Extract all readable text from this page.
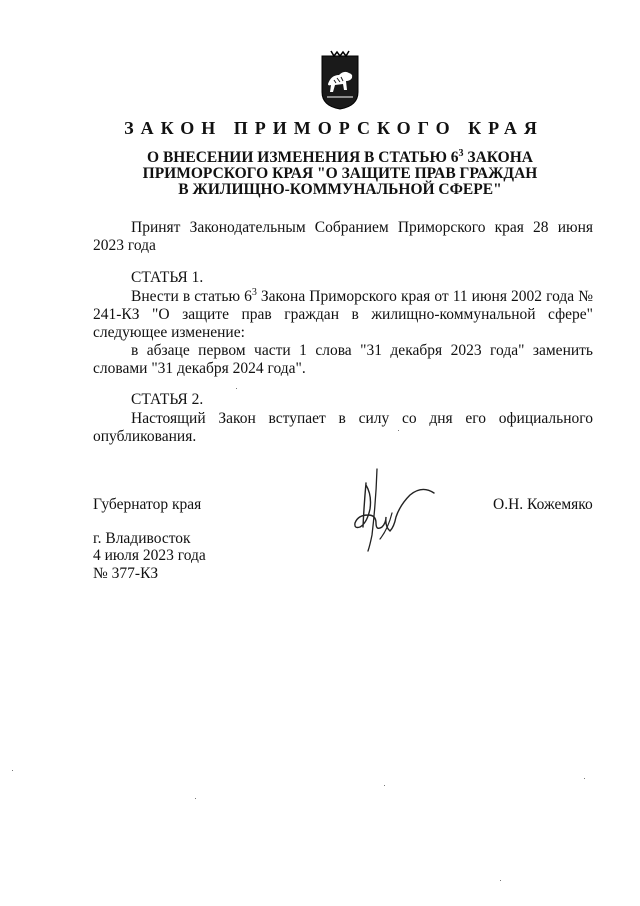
ЗАКОН ПРИМОРСКОГО КРАЯ
О ВНЕСЕНИИ ИЗМЕНЕНИЯ В СТАТЬЮ $6^3$ ЗАКОНА
ПРИМОРСКОГО КРАЯ "О ЗАЩИТЕ ПРАВ ГРАЖДАН
В ЖИЛИЩНО-КОММУНАЛЬНОЙ СФЕРЕ"
Принят Законодательным Собранием Приморского края 28 июня 2023 года
СТАТЬЯ 1.
Внести в статью $6^3$ Закона Приморского края от 11 июня 2002 года № 241-КЗ "О защите прав граждан в жилищно-коммунальной сфере" следующее изменение:
в абзаце первом части 1 слова "31 декабря 2023 года" заменить словами "31 декабря 2024 года".
СТАТЬЯ 2.
Настоящий Закон вступает в силу со дня его официального опубликования.
Губернатор края	О.Н. Кожемяко
г. Владивосток
4 июля 2023 года
№ 377-КЗ
